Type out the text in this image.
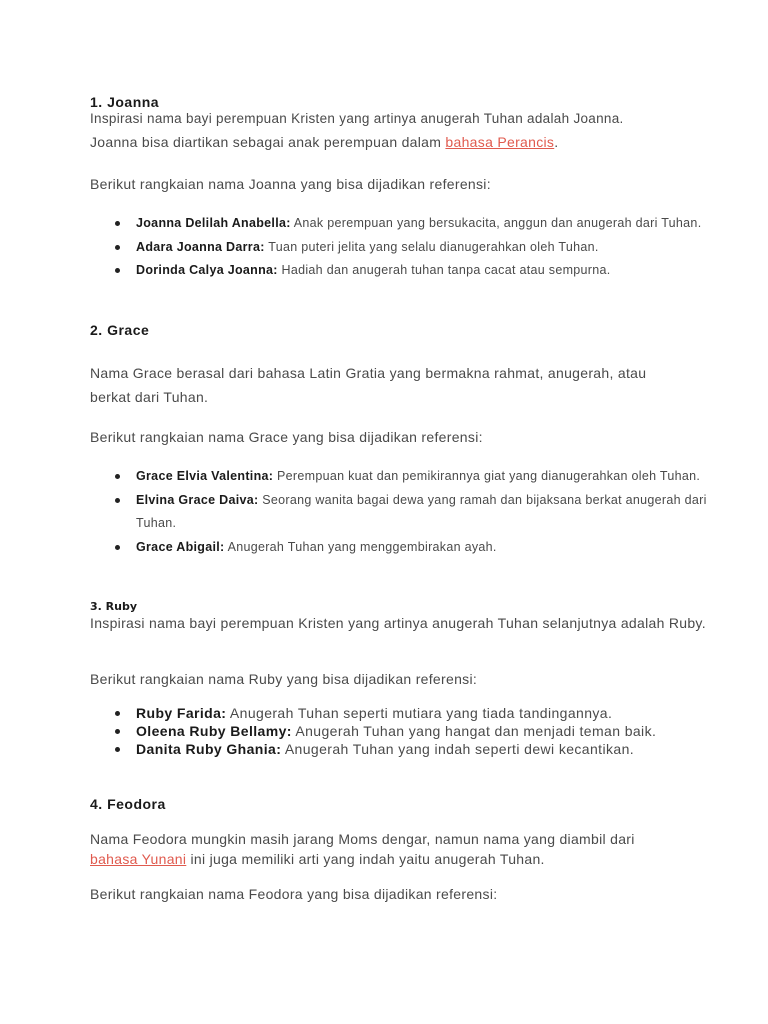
1. Joanna
Inspirasi nama bayi perempuan Kristen yang artinya anugerah Tuhan adalah Joanna.
Joanna bisa diartikan sebagai anak perempuan dalam bahasa Perancis.
Berikut rangkaian nama Joanna yang bisa dijadikan referensi:
Joanna Delilah Anabella: Anak perempuan yang bersukacita, anggun dan anugerah dari Tuhan.
Adara Joanna Darra: Tuan puteri jelita yang selalu dianugerahkan oleh Tuhan.
Dorinda Calya Joanna: Hadiah dan anugerah tuhan tanpa cacat atau sempurna.
2. Grace
Nama Grace berasal dari bahasa Latin Gratia yang bermakna rahmat, anugerah, atau berkat dari Tuhan.
Berikut rangkaian nama Grace yang bisa dijadikan referensi:
Grace Elvia Valentina: Perempuan kuat dan pemikirannya giat yang dianugerahkan oleh Tuhan.
Elvina Grace Daiva: Seorang wanita bagai dewa yang ramah dan bijaksana berkat anugerah dari Tuhan.
Grace Abigail: Anugerah Tuhan yang menggembirakan ayah.
3. Ruby
Inspirasi nama bayi perempuan Kristen yang artinya anugerah Tuhan selanjutnya adalah Ruby.
Berikut rangkaian nama Ruby yang bisa dijadikan referensi:
Ruby Farida: Anugerah Tuhan seperti mutiara yang tiada tandingannya.
Oleena Ruby Bellamy: Anugerah Tuhan yang hangat dan menjadi teman baik.
Danita Ruby Ghania: Anugerah Tuhan yang indah seperti dewi kecantikan.
4. Feodora
Nama Feodora mungkin masih jarang Moms dengar, namun nama yang diambil dari bahasa Yunani ini juga memiliki arti yang indah yaitu anugerah Tuhan.
Berikut rangkaian nama Feodora yang bisa dijadikan referensi:
